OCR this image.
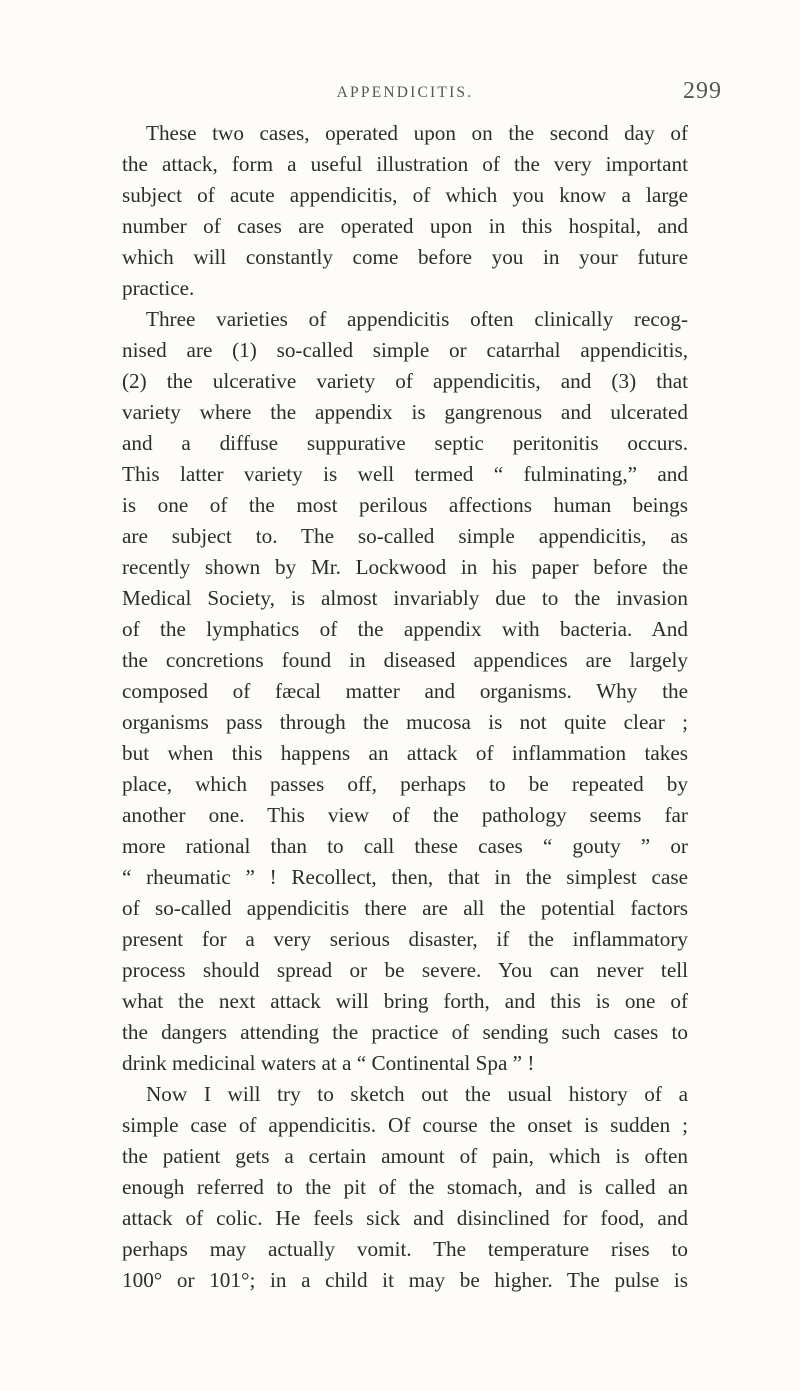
APPENDICITIS.	299
These two cases, operated upon on the second day of
the attack, form a useful illustration of the very important
subject of acute appendicitis, of which you know a large
number of cases are operated upon in this hospital, and
which will constantly come before you in your future
practice.
Three varieties of appendicitis often clinically recog-
nised are (1) so-called simple or catarrhal appendicitis,
(2) the ulcerative variety of appendicitis, and (3) that
variety where the appendix is gangrenous and ulcerated
and a diffuse suppurative septic peritonitis occurs.
This latter variety is well termed “ fulminating,” and
is one of the most perilous affections human beings
are subject to. The so-called simple appendicitis, as
recently shown by Mr. Lockwood in his paper before the
Medical Society, is almost invariably due to the invasion
of the lymphatics of the appendix with bacteria. And
the concretions found in diseased appendices are largely
composed of fæcal matter and organisms. Why the
organisms pass through the mucosa is not quite clear ;
but when this happens an attack of inflammation takes
place, which passes off, perhaps to be repeated by
another one. This view of the pathology seems far
more rational than to call these cases “ gouty ” or
“ rheumatic ” ! Recollect, then, that in the simplest case
of so-called appendicitis there are all the potential factors
present for a very serious disaster, if the inflammatory
process should spread or be severe. You can never tell
what the next attack will bring forth, and this is one of
the dangers attending the practice of sending such cases to
drink medicinal waters at a “ Continental Spa ” !
Now I will try to sketch out the usual history of a
simple case of appendicitis. Of course the onset is sudden ;
the patient gets a certain amount of pain, which is often
enough referred to the pit of the stomach, and is called an
attack of colic. He feels sick and disinclined for food, and
perhaps may actually vomit. The temperature rises to
100° or 101°; in a child it may be higher. The pulse is
